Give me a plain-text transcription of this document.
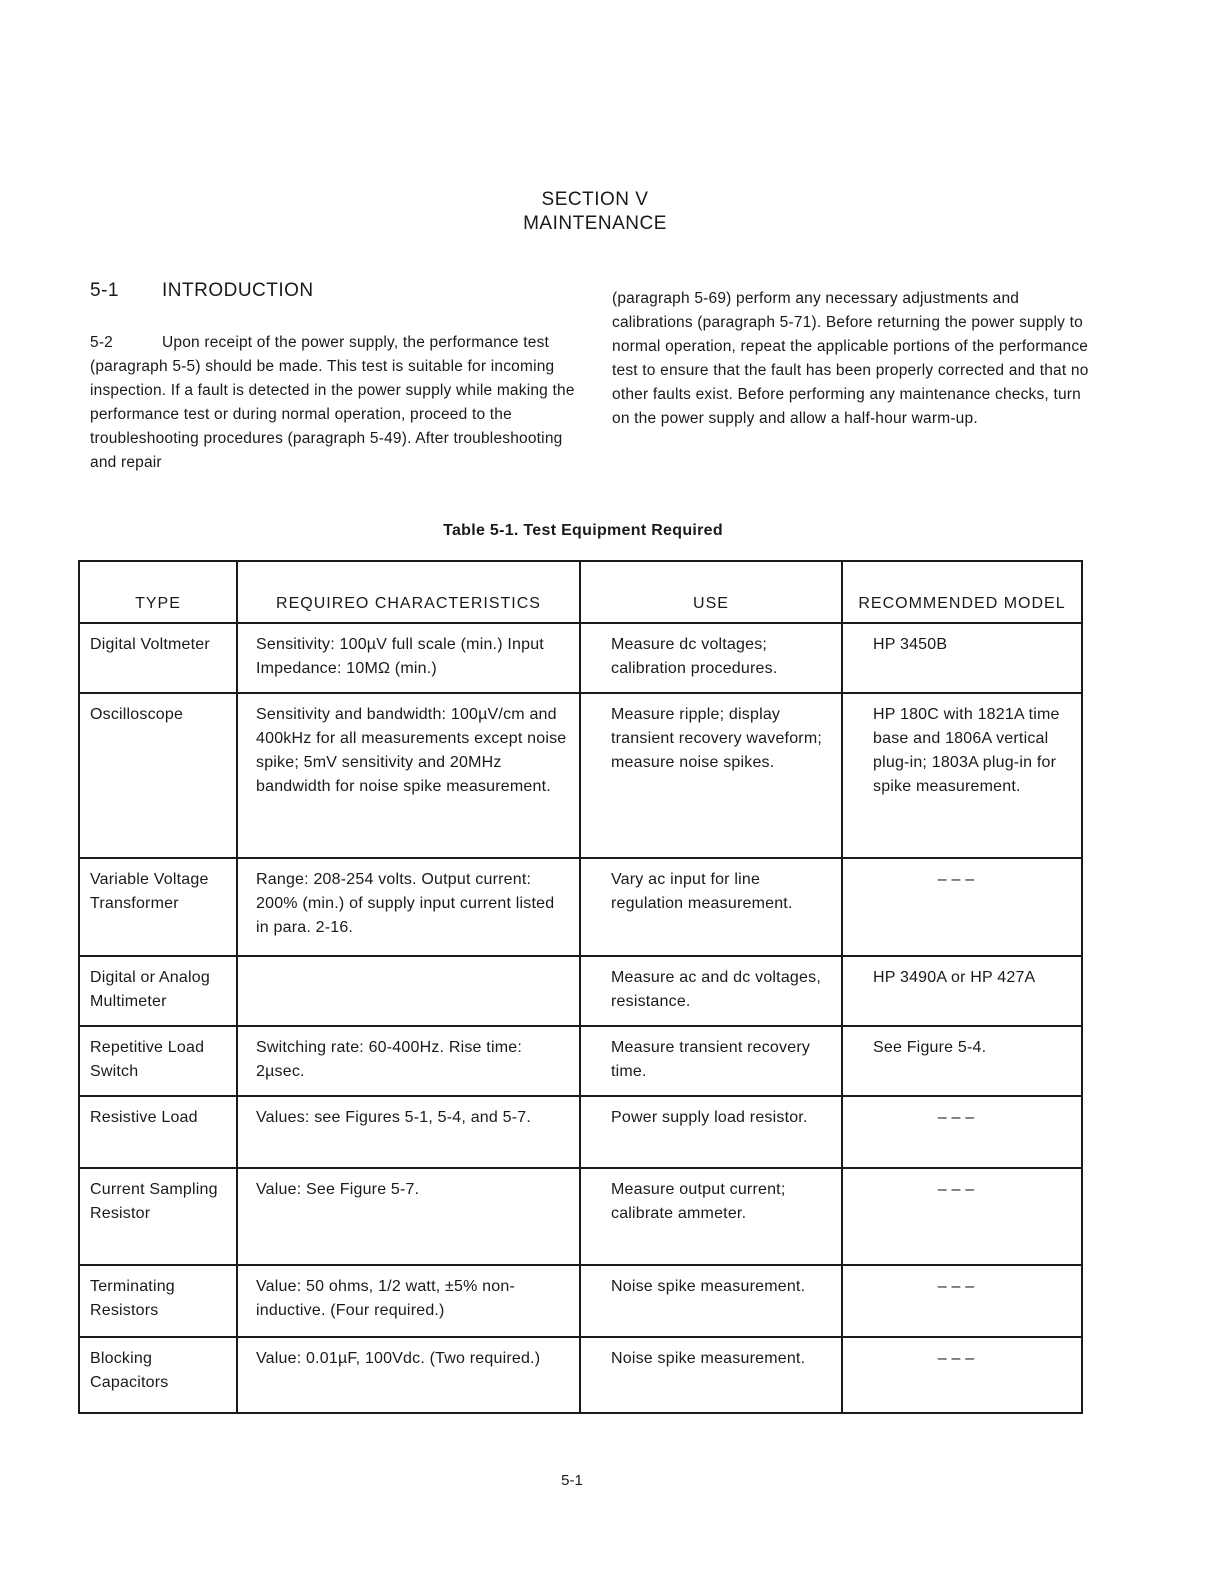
SECTION V
MAINTENANCE
5-1 INTRODUCTION
5-2	Upon receipt of the power supply, the performance test (paragraph 5-5) should be made. This test is suitable for incoming inspection. If a fault is detected in the power supply while making the performance test or during normal operation, proceed to the troubleshooting procedures (paragraph 5-49). After troubleshooting and repair
(paragraph 5-69) perform any necessary adjustments and calibrations (paragraph 5-71). Before returning the power supply to normal operation, repeat the applicable portions of the performance test to ensure that the fault has been properly corrected and that no other faults exist. Before performing any maintenance checks, turn on the power supply and allow a half-hour warm-up.
Table 5-1. Test Equipment Required
TYPE	REQUIREO CHARACTERISTICS	USE	RECOMMENDED MODEL
Digital Voltmeter	Sensitivity: 100µV full scale (min.) Input Impedance: 10MΩ (min.)	Measure dc voltages; calibration procedures.	HP 3450B
Oscilloscope	Sensitivity and bandwidth: 100µV/cm and 400kHz for all measurements except noise spike; 5mV sensitivity and 20MHz bandwidth for noise spike measurement.	Measure ripple; display transient recovery waveform; measure noise spikes.	HP 180C with 1821A time base and 1806A vertical plug-in; 1803A plug-in for spike measurement.
Variable Voltage Transformer	Range: 208-254 volts. Output current: 200% (min.) of supply input current listed in para. 2-16.	Vary ac input for line regulation measurement.	– – –
Digital or Analog Multimeter		Measure ac and dc voltages, resistance.	HP 3490A or HP 427A
Repetitive Load Switch	Switching rate: 60-400Hz. Rise time: 2µsec.	Measure transient recovery time.	See Figure 5-4.
Resistive Load	Values: see Figures 5-1, 5-4, and 5-7.	Power supply load resistor.	– – –
Current Sampling Resistor	Value: See Figure 5-7.	Measure output current; calibrate ammeter.	– – –
Terminating Resistors	Value: 50 ohms, 1/2 watt, ±5% non-inductive. (Four required.)	Noise spike measurement.	– – –
Blocking Capacitors	Value: 0.01µF, 100Vdc. (Two required.)	Noise spike measurement.	– – –
5-1
